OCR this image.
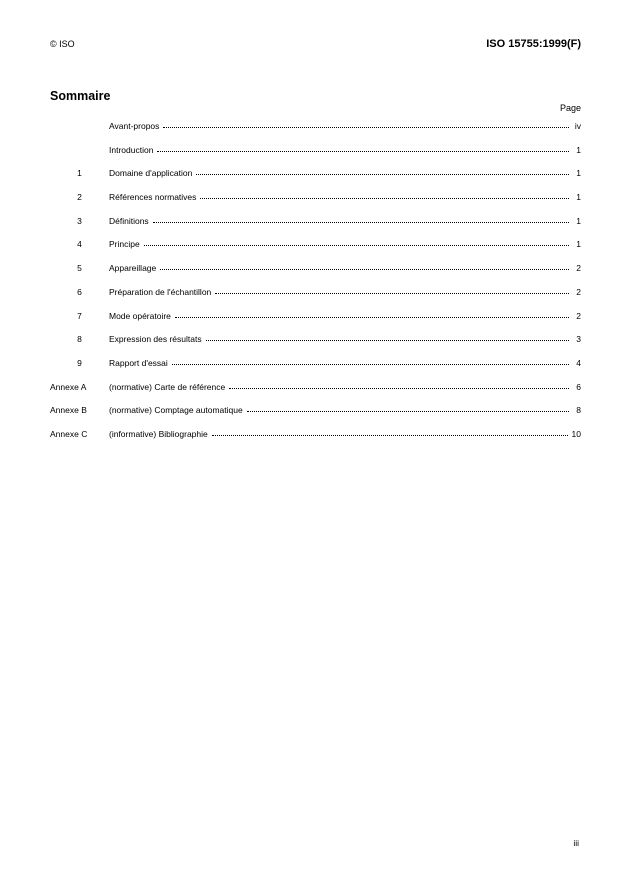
© ISO	ISO 15755:1999(F)
Sommaire
Page
Avant-propos	iv
Introduction	1
1	Domaine d'application	1
2	Références normatives	1
3	Définitions	1
4	Principe	1
5	Appareillage	2
6	Préparation de l'échantillon	2
7	Mode opératoire	2
8	Expression des résultats	3
9	Rapport d'essai	4
Annexe A	(normative) Carte de référence	6
Annexe B	(normative) Comptage automatique	8
Annexe C	(informative) Bibliographie	10
iii
